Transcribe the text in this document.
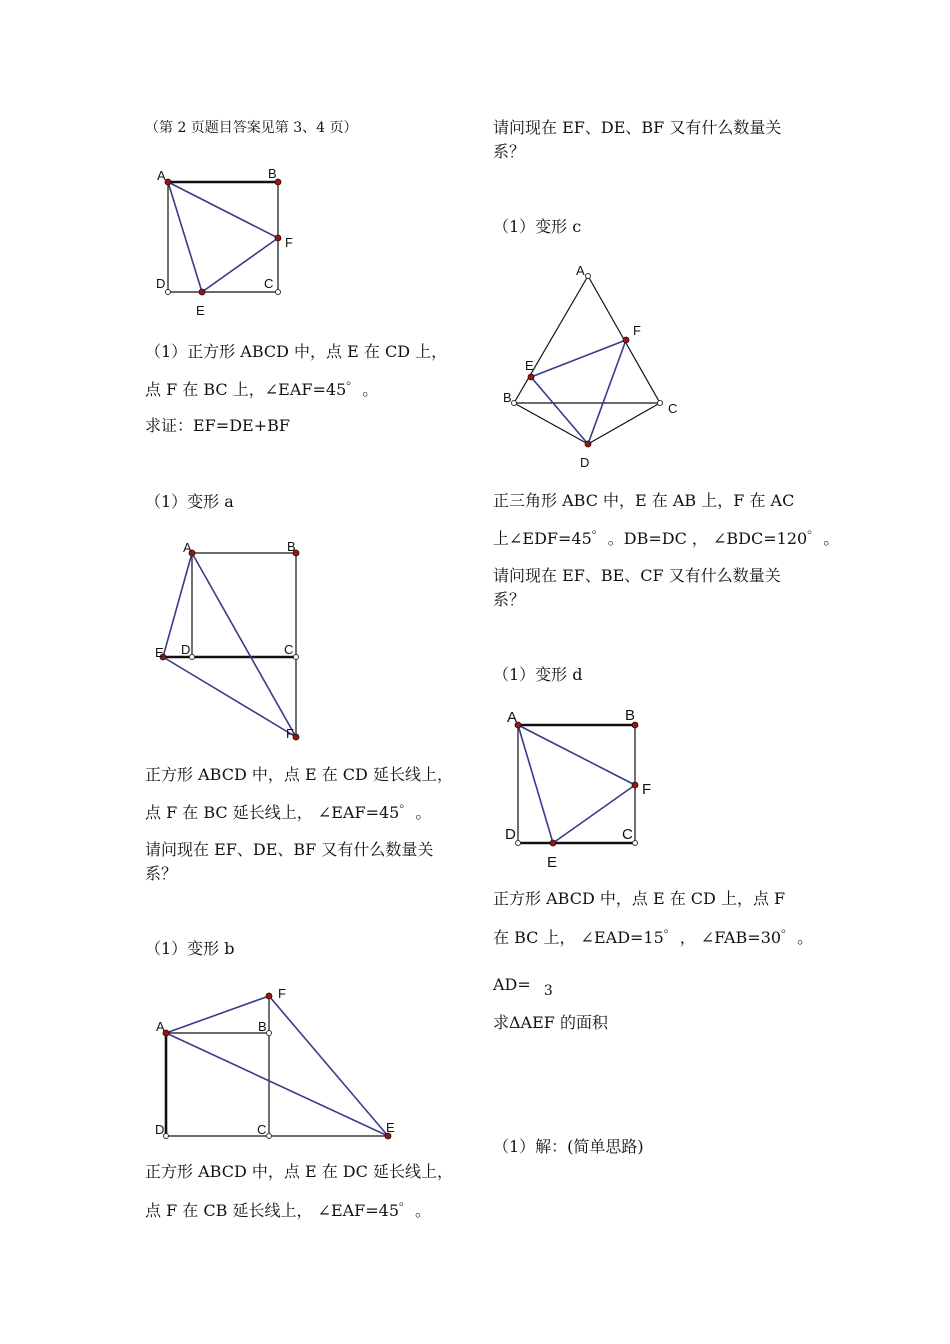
（第 2 页题目答案见第 3、4 页）
A	B
F
D	C
E
（1）正方形 ABCD 中，点 E 在 CD 上，
点 F 在 BC 上，∠EAF=45゜。
求证：EF=DE+BF
（1）变形 a
A	B
E D	C
F
正方形 ABCD 中，点 E 在 CD 延长线上，
点 F 在 BC 延长线上， ∠EAF=45゜。
请问现在 EF、DE、BF 又有什么数量关
系？
（1）变形 b
A	B
F
D	C	E
正方形 ABCD 中，点 E 在 DC 延长线上，
点 F 在 CB 延长线上， ∠EAF=45゜。
请问现在 EF、DE、BF 又有什么数量关
系？
（1）变形 c
A
F
E
B
C
D
正三角形 ABC 中，E 在 AB 上，F 在 AC
上∠EDF=45゜。DB=DC ， ∠BDC=120゜。
请问现在 EF、BE、CF 又有什么数量关
系？
（1）变形 d
A	B
F
D	C
E
正方形 ABCD 中，点 E 在 CD 上，点 F
在 BC 上， ∠EAD=15゜， ∠FAB=30゜。
AD= 3
求ΔAEF 的面积
（1）解：(简单思路)
